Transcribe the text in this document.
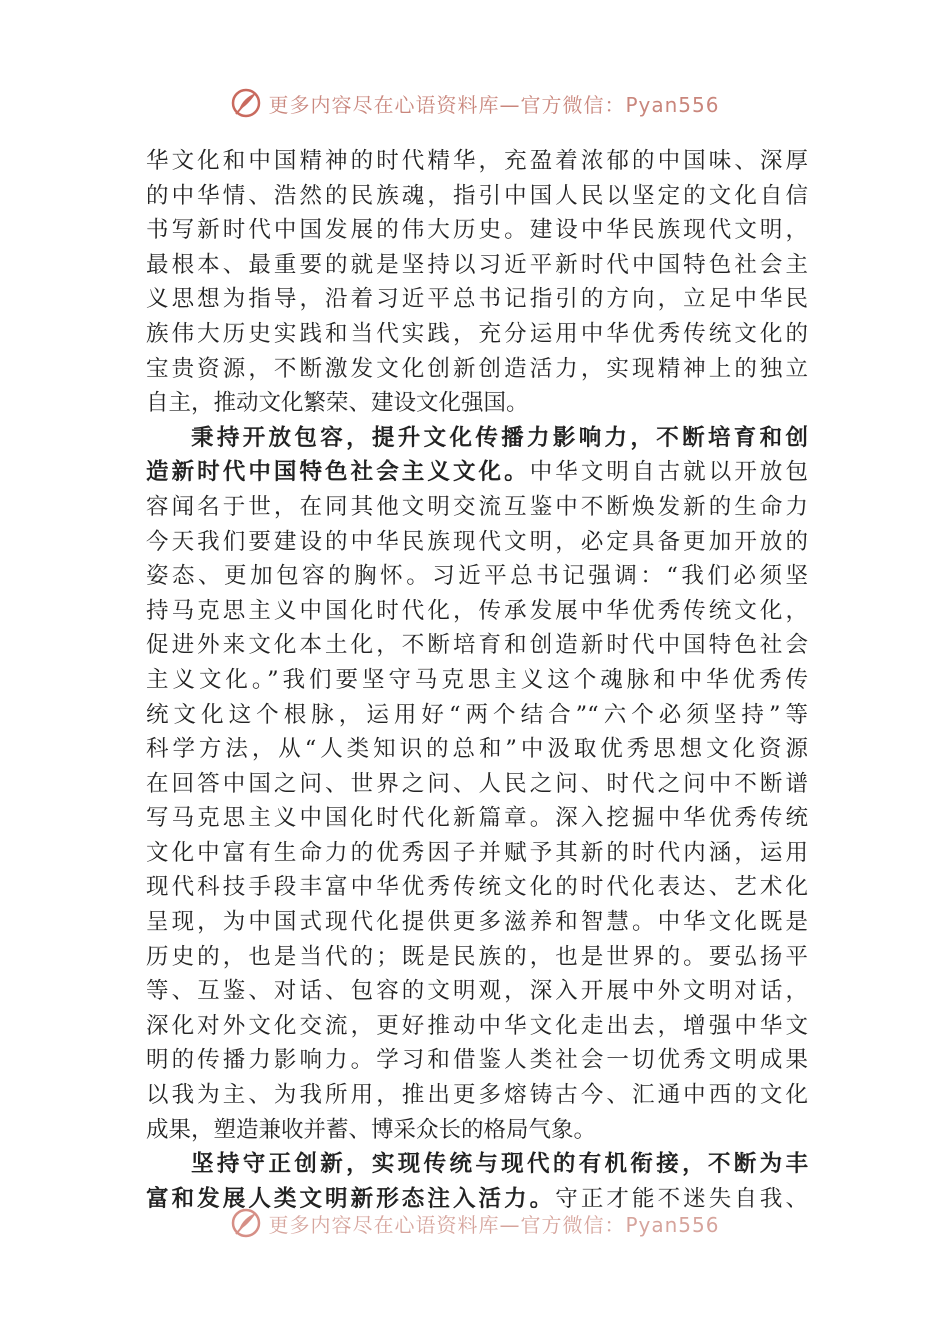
更多内容尽在心语资料库—官方微信：Pyan556
华文化和中国精神的时代精华，充盈着浓郁的中国味、深厚
的中华情、浩然的民族魂，指引中国人民以坚定的文化自信
书写新时代中国发展的伟大历史。建设中华民族现代文明，
最根本、最重要的就是坚持以习近平新时代中国特色社会主
义思想为指导，沿着习近平总书记指引的方向，立足中华民
族伟大历史实践和当代实践，充分运用中华优秀传统文化的
宝贵资源，不断激发文化创新创造活力，实现精神上的独立
自主，推动文化繁荣、建设文化强国。
秉持开放包容，提升文化传播力影响力，不断培育和创
造新时代中国特色社会主义文化。中华文明自古就以开放包
容闻名于世，在同其他文明交流互鉴中不断焕发新的生命力
今天我们要建设的中华民族现代文明，必定具备更加开放的
姿态、更加包容的胸怀。习近平总书记强调：“我们必须坚
持马克思主义中国化时代化，传承发展中华优秀传统文化，
促进外来文化本土化，不断培育和创造新时代中国特色社会
主义文化。”我们要坚守马克思主义这个魂脉和中华优秀传
统文化这个根脉，运用好“两个结合”“六个必须坚持”等
科学方法，从“人类知识的总和”中汲取优秀思想文化资源
在回答中国之问、世界之问、人民之问、时代之问中不断谱
写马克思主义中国化时代化新篇章。深入挖掘中华优秀传统
文化中富有生命力的优秀因子并赋予其新的时代内涵，运用
现代科技手段丰富中华优秀传统文化的时代化表达、艺术化
呈现，为中国式现代化提供更多滋养和智慧。中华文化既是
历史的，也是当代的；既是民族的，也是世界的。要弘扬平
等、互鉴、对话、包容的文明观，深入开展中外文明对话，
深化对外文化交流，更好推动中华文化走出去，增强中华文
明的传播力影响力。学习和借鉴人类社会一切优秀文明成果
以我为主、为我所用，推出更多熔铸古今、汇通中西的文化
成果，塑造兼收并蓄、博采众长的格局气象。
坚持守正创新，实现传统与现代的有机衔接，不断为丰
富和发展人类文明新形态注入活力。守正才能不迷失自我、
更多内容尽在心语资料库—官方微信：Pyan556
